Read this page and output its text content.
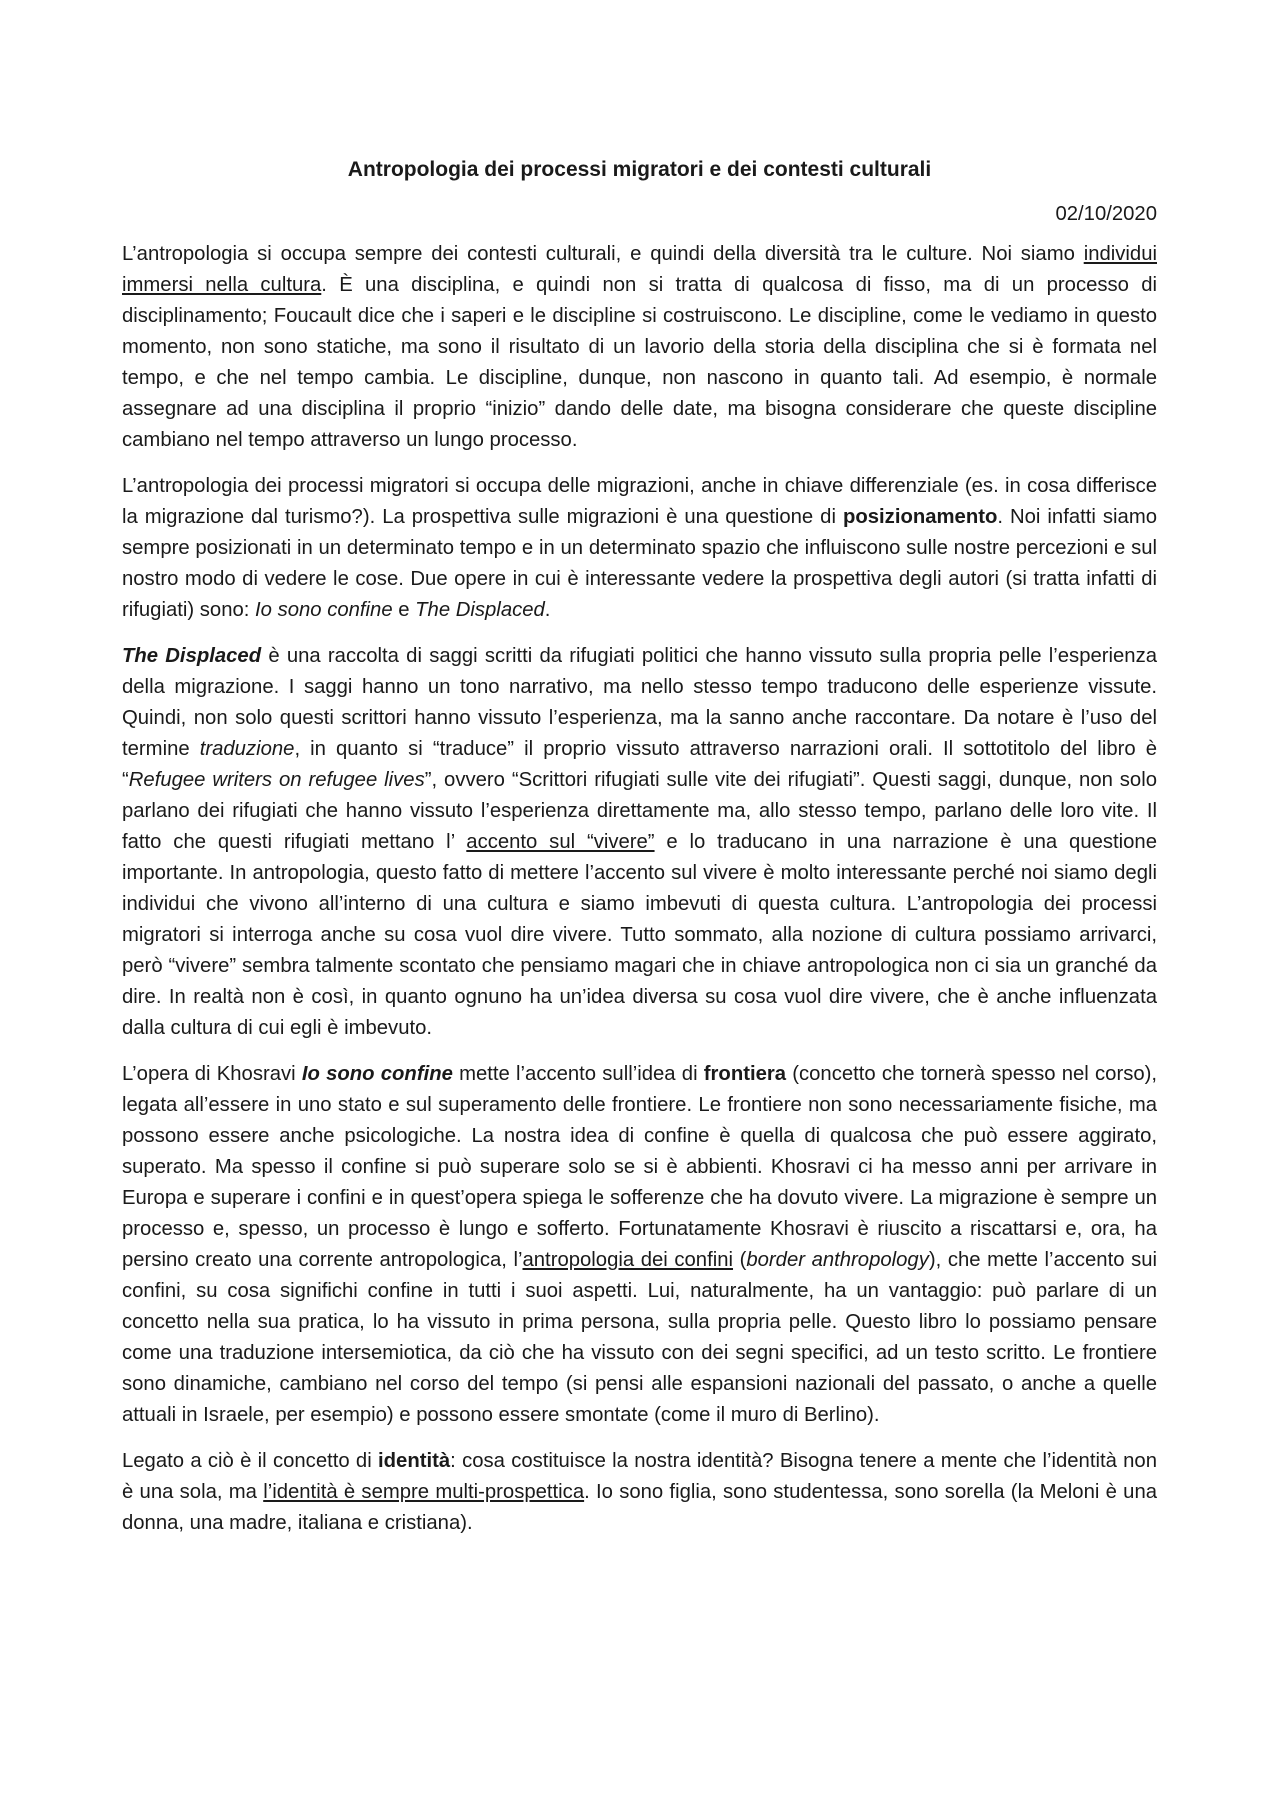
Antropologia dei processi migratori e dei contesti culturali
02/10/2020

L’antropologia si occupa sempre dei contesti culturali, e quindi della diversità tra le culture. Noi siamo individui immersi nella cultura. È una disciplina, e quindi non si tratta di qualcosa di fisso, ma di un processo di disciplinamento; Foucault dice che i saperi e le discipline si costruiscono. Le discipline, come le vediamo in questo momento, non sono statiche, ma sono il risultato di un lavorio della storia della disciplina che si è formata nel tempo, e che nel tempo cambia. Le discipline, dunque, non nascono in quanto tali. Ad esempio, è normale assegnare ad una disciplina il proprio “inizio” dando delle date, ma bisogna considerare che queste discipline cambiano nel tempo attraverso un lungo processo.

L’antropologia dei processi migratori si occupa delle migrazioni, anche in chiave differenziale (es. in cosa differisce la migrazione dal turismo?). La prospettiva sulle migrazioni è una questione di posizionamento. Noi infatti siamo sempre posizionati in un determinato tempo e in un determinato spazio che influiscono sulle nostre percezioni e sul nostro modo di vedere le cose. Due opere in cui è interessante vedere la prospettiva degli autori (si tratta infatti di rifugiati) sono: Io sono confine e The Displaced.

The Displaced è una raccolta di saggi scritti da rifugiati politici che hanno vissuto sulla propria pelle l’esperienza della migrazione. I saggi hanno un tono narrativo, ma nello stesso tempo traducono delle esperienze vissute. Quindi, non solo questi scrittori hanno vissuto l’esperienza, ma la sanno anche raccontare. Da notare è l’uso del termine traduzione, in quanto si “traduce” il proprio vissuto attraverso narrazioni orali. Il sottotitolo del libro è “Refugee writers on refugee lives”, ovvero “Scrittori rifugiati sulle vite dei rifugiati”. Questi saggi, dunque, non solo parlano dei rifugiati che hanno vissuto l’esperienza direttamente ma, allo stesso tempo, parlano delle loro vite. Il fatto che questi rifugiati mettano l’ accento sul “vivere” e lo traducano in una narrazione è una questione importante. In antropologia, questo fatto di mettere l’accento sul vivere è molto interessante perché noi siamo degli individui che vivono all’interno di una cultura e siamo imbevuti di questa cultura. L’antropologia dei processi migratori si interroga anche su cosa vuol dire vivere. Tutto sommato, alla nozione di cultura possiamo arrivarci, però “vivere” sembra talmente scontato che pensiamo magari che in chiave antropologica non ci sia un granché da dire. In realtà non è così, in quanto ognuno ha un’idea diversa su cosa vuol dire vivere, che è anche influenzata dalla cultura di cui egli è imbevuto.

L’opera di Khosravi Io sono confine mette l’accento sull’idea di frontiera (concetto che tornerà spesso nel corso), legata all’essere in uno stato e sul superamento delle frontiere. Le frontiere non sono necessariamente fisiche, ma possono essere anche psicologiche. La nostra idea di confine è quella di qualcosa che può essere aggirato, superato. Ma spesso il confine si può superare solo se si è abbienti. Khosravi ci ha messo anni per arrivare in Europa e superare i confini e in quest’opera spiega le sofferenze che ha dovuto vivere. La migrazione è sempre un processo e, spesso, un processo è lungo e sofferto. Fortunatamente Khosravi è riuscito a riscattarsi e, ora, ha persino creato una corrente antropologica, l’antropologia dei confini (border anthropology), che mette l’accento sui confini, su cosa significhi confine in tutti i suoi aspetti. Lui, naturalmente, ha un vantaggio: può parlare di un concetto nella sua pratica, lo ha vissuto in prima persona, sulla propria pelle. Questo libro lo possiamo pensare come una traduzione intersemiotica, da ciò che ha vissuto con dei segni specifici, ad un testo scritto. Le frontiere sono dinamiche, cambiano nel corso del tempo (si pensi alle espansioni nazionali del passato, o anche a quelle attuali in Israele, per esempio) e possono essere smontate (come il muro di Berlino).

Legato a ciò è il concetto di identità: cosa costituisce la nostra identità? Bisogna tenere a mente che l’identità non è una sola, ma l’identità è sempre multi-prospettica. Io sono figlia, sono studentessa, sono sorella (la Meloni è una donna, una madre, italiana e cristiana).
